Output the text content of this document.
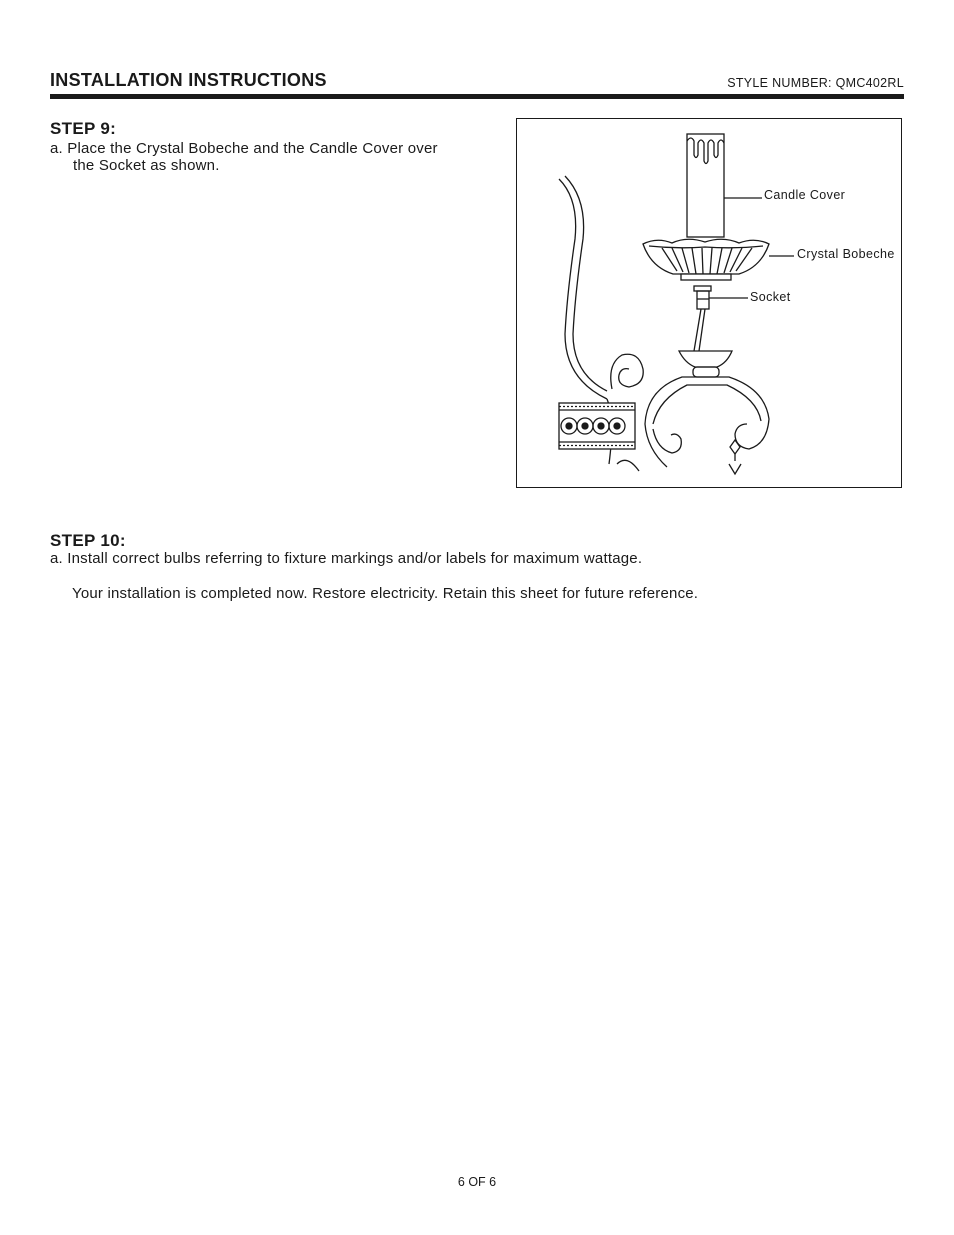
INSTALLATION INSTRUCTIONS	STYLE NUMBER: QMC402RL
STEP 9:
a. Place the Crystal Bobeche and the Candle Cover over
the Socket as shown.
Candle Cover
Crystal Bobeche
Socket
STEP 10:
a. Install correct bulbs referring to fixture markings and/or labels for maximum wattage.
Your installation is completed now. Restore electricity. Retain this sheet for future reference.
6 OF 6
